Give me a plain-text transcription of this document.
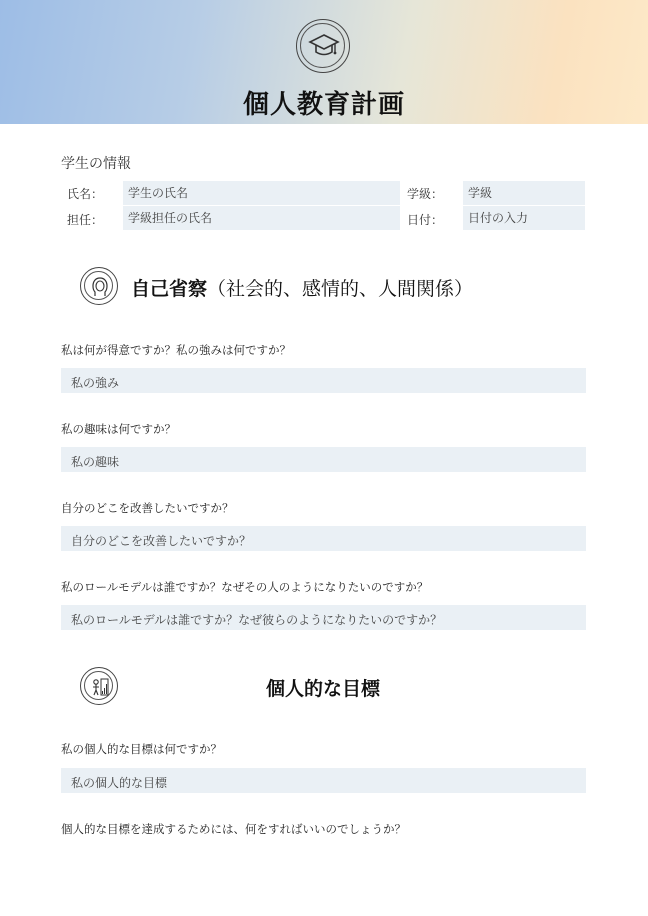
個人教育計画
学生の情報
氏名：	学生の氏名	学級：	学級
担任：	学級担任の氏名	日付：	日付の入力
自己省察（社会的、感情的、人間関係）
私は何が得意ですか？私の強みは何ですか？
私の強み
私の趣味は何ですか？
私の趣味
自分のどこを改善したいですか？
自分のどこを改善したいですか？
私のロールモデルは誰ですか？なぜその人のようになりたいのですか？
私のロールモデルは誰ですか？なぜ彼らのようになりたいのですか？
個人的な目標
私の個人的な目標は何ですか？
私の個人的な目標
個人的な目標を達成するためには、何をすればいいのでしょうか？
